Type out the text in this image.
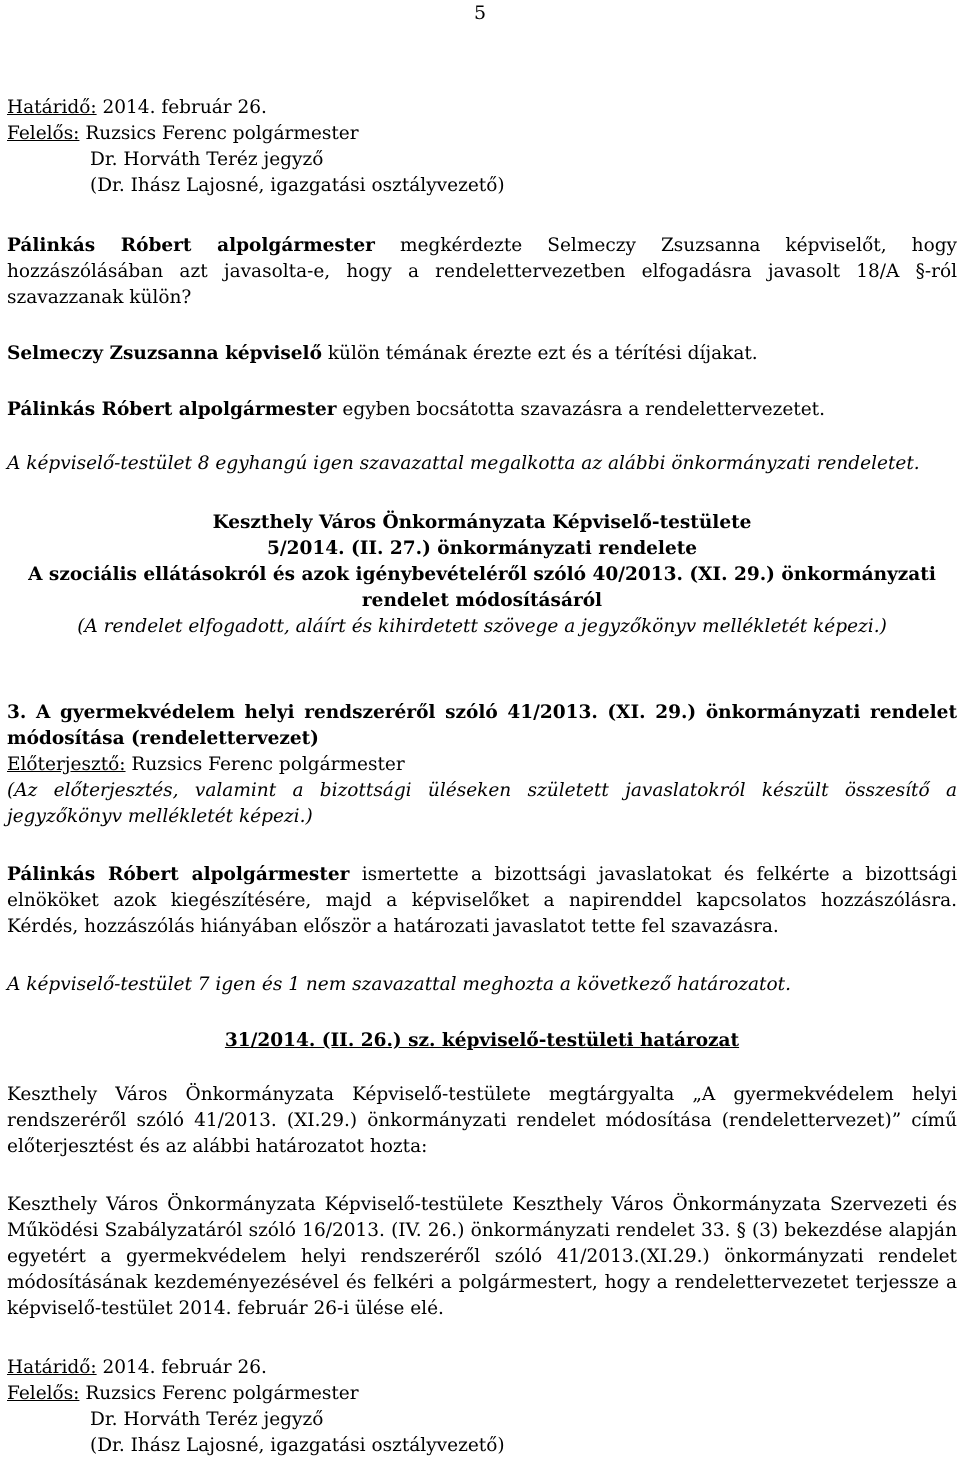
5

Határidő: 2014. február 26.

Felelős: Ruzsics Ferenc polgármester

Dr. Horváth Teréz jegyző

(Dr. Ihász Lajosné, igazgatási osztályvezető)

Pálinkás Róbert alpolgármester megkérdezte Selmeczy Zsuzsanna képviselőt, hogy hozzászólásában azt javasolta-e, hogy a rendelettervezetben elfogadásra javasolt 18/A §-ról szavazzanak külön?

Selmeczy Zsuzsanna képviselő külön témának érezte ezt és a térítési díjakat.

Pálinkás Róbert alpolgármester egyben bocsátotta szavazásra a rendelettervezetet.

A képviselő-testület 8 egyhangú igen szavazattal megalkotta az alábbi önkormányzati rendeletet.

Keszthely Város Önkormányzata Képviselő-testülete

5/2014. (II. 27.) önkormányzati rendelete

A szociális ellátásokról és azok igénybevételéről szóló 40/2013. (XI. 29.) önkormányzati

rendelet módosításáról

(A rendelet elfogadott, aláírt és kihirdetett szövege a jegyzőkönyv mellékletét képezi.)

3. A gyermekvédelem helyi rendszeréről szóló 41/2013. (XI. 29.) önkormányzati rendelet módosítása (rendelettervezet)

Előterjesztő: Ruzsics Ferenc polgármester

(Az előterjesztés, valamint a bizottsági üléseken született javaslatokról készült összesítő a jegyzőkönyv mellékletét képezi.)

Pálinkás Róbert alpolgármester ismertette a bizottsági javaslatokat és felkérte a bizottsági elnököket azok kiegészítésére, majd a képviselőket a napirenddel kapcsolatos hozzászólásra. Kérdés, hozzászólás hiányában először a határozati javaslatot tette fel szavazásra.

A képviselő-testület 7 igen és 1 nem szavazattal meghozta a következő határozatot.

31/2014. (II. 26.) sz. képviselő-testületi határozat

Keszthely Város Önkormányzata Képviselő-testülete megtárgyalta „A gyermekvédelem helyi rendszeréről szóló 41/2013. (XI.29.) önkormányzati rendelet módosítása (rendelettervezet)” című előterjesztést és az alábbi határozatot hozta:

Keszthely Város Önkormányzata Képviselő-testülete Keszthely Város Önkormányzata Szervezeti és Működési Szabályzatáról szóló 16/2013. (IV. 26.) önkormányzati rendelet 33. § (3) bekezdése alapján egyetért a gyermekvédelem helyi rendszeréről szóló 41/2013.(XI.29.) önkormányzati rendelet módosításának kezdeményezésével és felkéri a polgármestert, hogy a rendelettervezetet terjessze a képviselő-testület 2014. február 26-i ülése elé.

Határidő: 2014. február 26.

Felelős: Ruzsics Ferenc polgármester

Dr. Horváth Teréz jegyző

(Dr. Ihász Lajosné, igazgatási osztályvezető)
